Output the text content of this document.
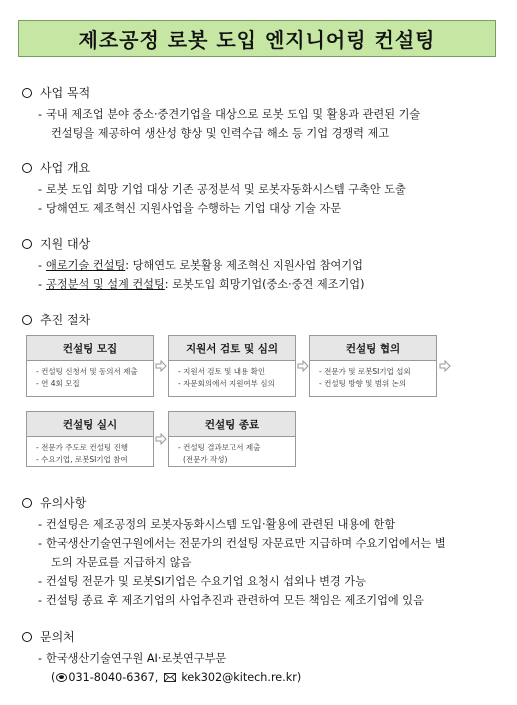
제조공정 로봇 도입 엔지니어링 컨설팅
사업 목적
- 국내 제조업 분야 중소·중견기업을 대상으로 로봇 도입 및 활용과 관련된 기술
컨설팅을 제공하여 생산성 향상 및 인력수급 해소 등 기업 경쟁력 제고
사업 개요
- 로봇 도입 희망 기업 대상 기존 공정분석 및 로봇자동화시스템 구축안 도출
- 당해연도 제조혁신 지원사업을 수행하는 기업 대상 기술 자문
지원 대상
- 애로기술 컨설팅: 당해연도 로봇활용 제조혁신 지원사업 참여기업
- 공정분석 및 설계 컨설팅: 로봇도입 희망기업(중소·중견 제조기업)
추진 절차
컨설팅 모집
- 컨설팅 신청서 및 동의서 제출
- 연 4회 모집
지원서 검토 및 심의
- 지원서 검토 및 내용 확인
- 자문회의에서 지원여부 심의
컨설팅 협의
- 전문가 및 로봇SI기업 섭외
- 컨설팅 방향 및 범위 논의
컨설팅 실시
- 전문가 주도로 컨설팅 진행
- 수요기업, 로봇SI기업 참여
컨설팅 종료
- 컨설팅 결과보고서 제출
(전문가 작성)
유의사항
- 컨설팅은 제조공정의 로봇자동화시스템 도입·활용에 관련된 내용에 한함
- 한국생산기술연구원에서는 전문가의 컨설팅 자문료만 지급하며 수요기업에서는 별
도의 자문료를 지급하지 않음
- 컨설팅 전문가 및 로봇SI기업은 수요기업 요청시 섭외나 변경 가능
- 컨설팅 종료 후 제조기업의 사업추진과 관련하여 모든 책임은 제조기업에 있음
문의처
- 한국생산기술연구원 AI·로봇연구부문
( 031-8040-6367, kek302@kitech.re.kr)
